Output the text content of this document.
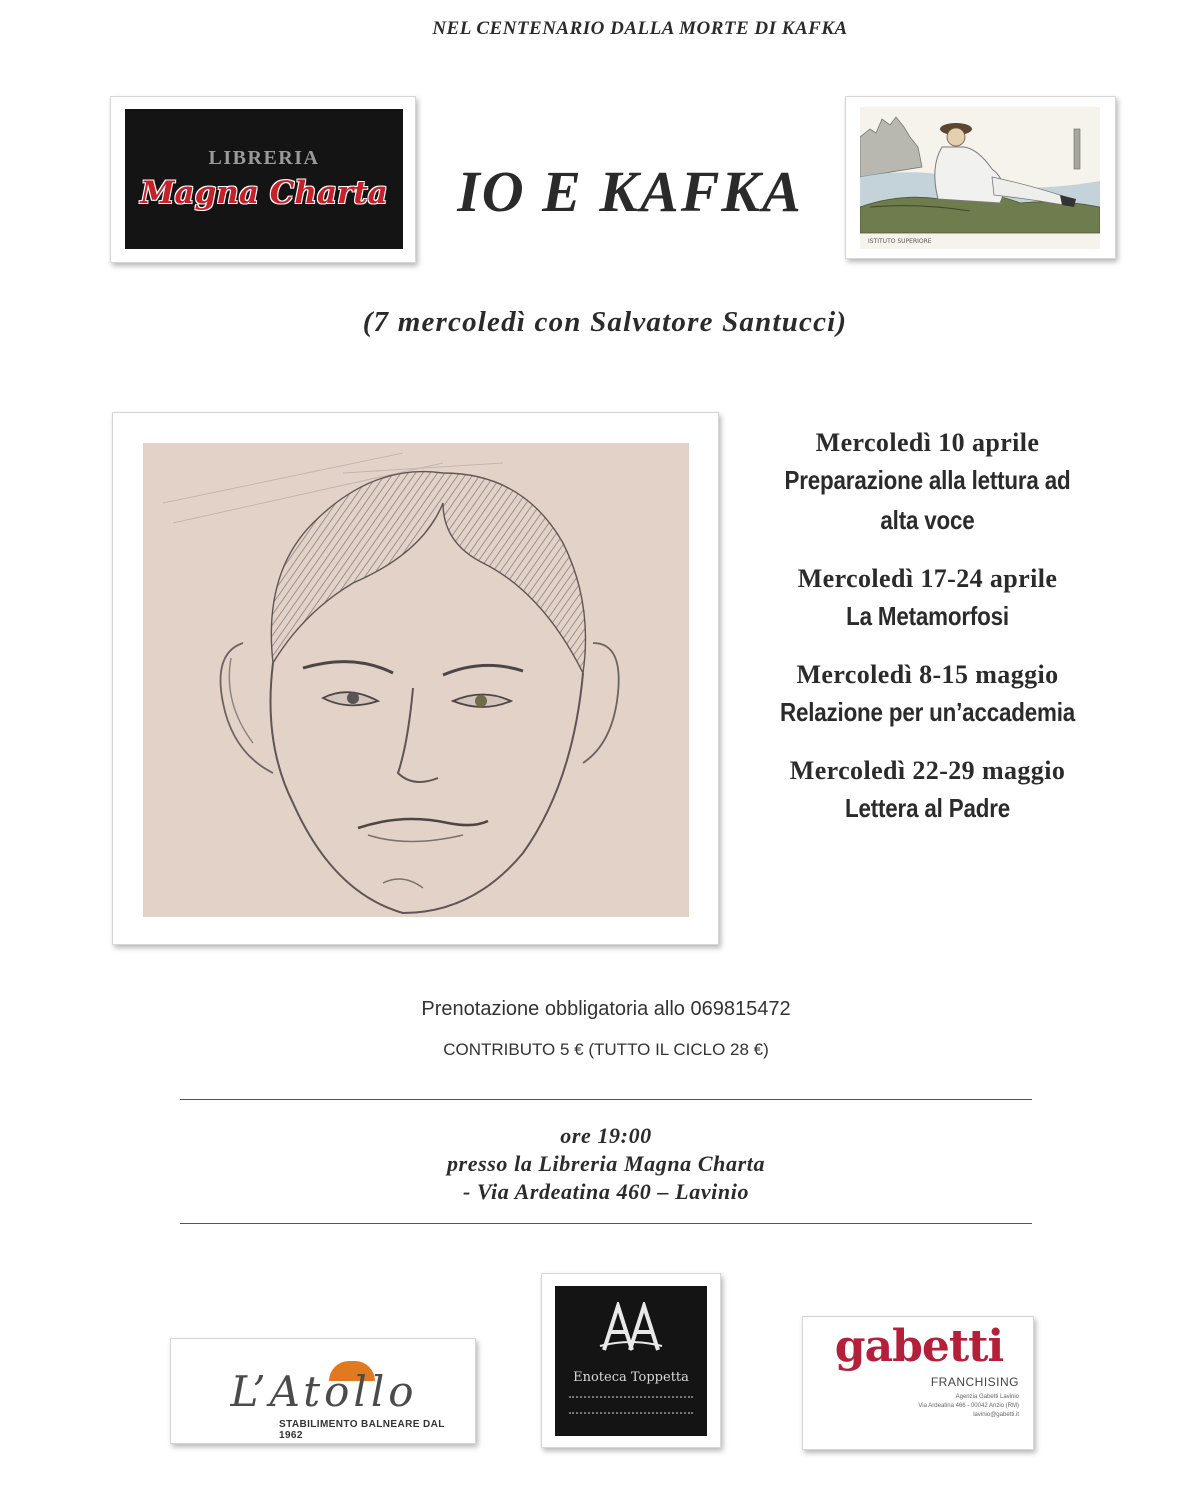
NEL CENTENARIO DALLA MORTE DI KAFKA
LIBRERIA
Magna Charta IO E KAFKA
ISTITUTO SUPERIORE
(7 mercoledì con Salvatore Santucci)
Mercoledì 10 aprile
Preparazione alla lettura ad
alta voce
Mercoledì 17-24 aprile
La Metamorfosi
Mercoledì 8-15 maggio
Relazione per un’accademia
Mercoledì 22-29 maggio
Lettera al Padre
Prenotazione obbligatoria allo 069815472
CONTRIBUTO 5 € (TUTTO IL CICLO 28 €)
ore 19:00
presso la Libreria Magna Charta
- Via Ardeatina 460 – Lavinio
L’Atollo
STABILIMENTO BALNEARE DAL 1962
Enoteca Toppetta
gabetti
FRANCHISING
Agenzia Gabetti Lavinio
Via Ardeatina 466 - 00042 Anzio (RM)
lavinio@gabetti.it
